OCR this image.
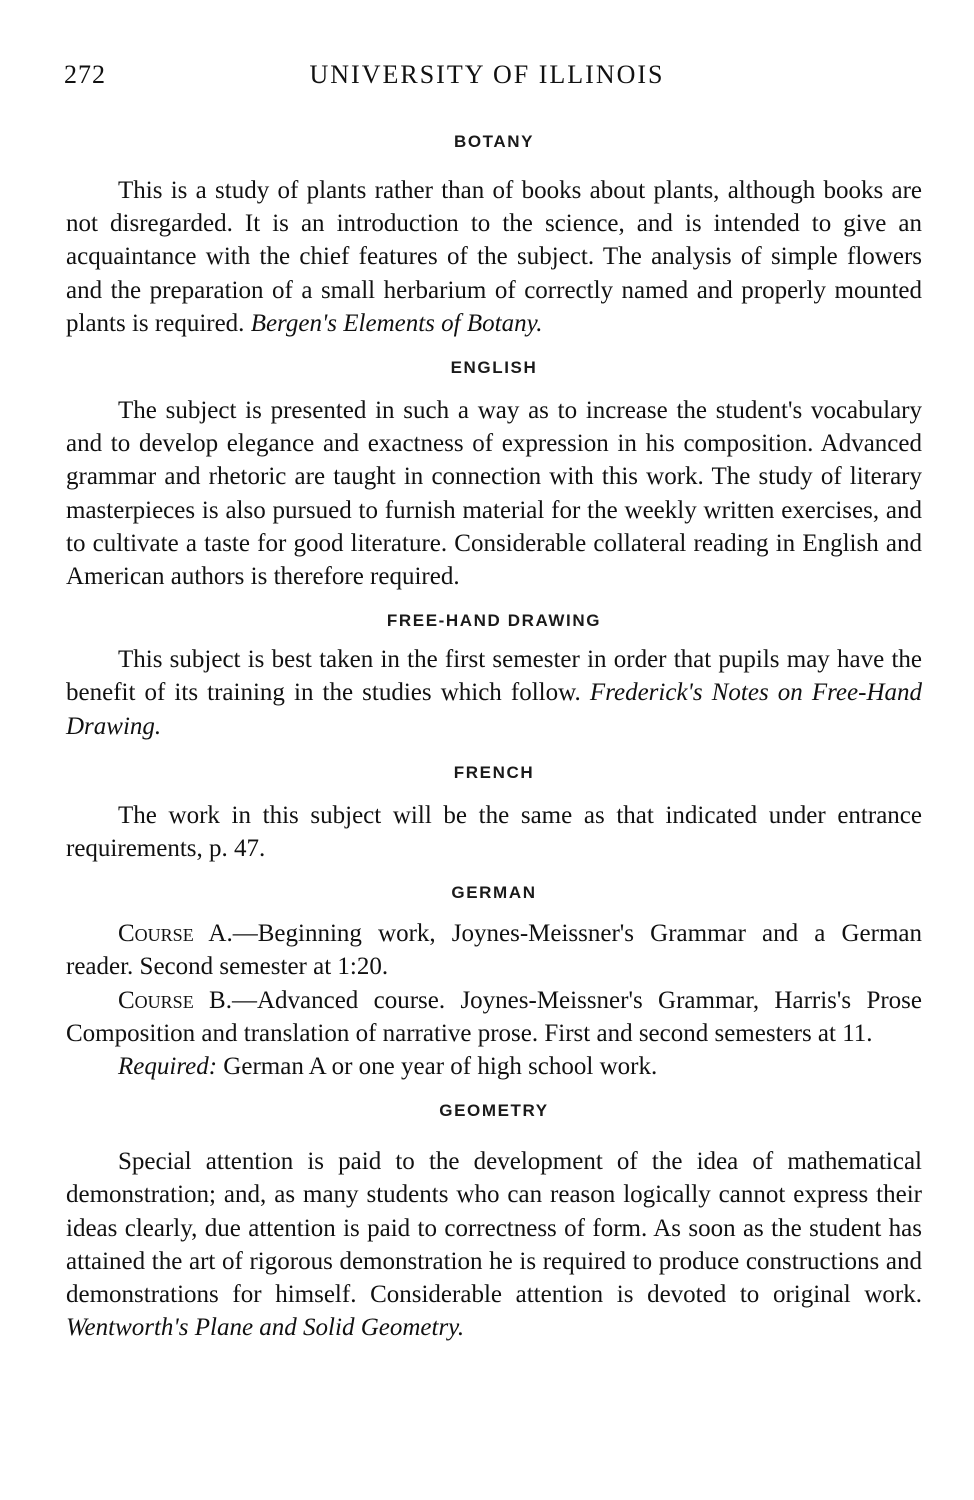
272	UNIVERSITY OF ILLINOIS
BOTANY

This is a study of plants rather than of books about plants, although books are not disregarded. It is an introduction to the science, and is intended to give an acquaintance with the chief features of the subject. The analysis of simple flowers and the preparation of a small herbarium of correctly named and properly mounted plants is required. Bergen's Elements of Botany.

ENGLISH

The subject is presented in such a way as to increase the student's vocabulary and to develop elegance and exactness of expression in his composition. Advanced grammar and rhetoric are taught in connection with this work. The study of literary masterpieces is also pursued to furnish material for the weekly written exercises, and to cultivate a taste for good literature. Considerable collateral reading in English and American authors is therefore required.

FREE-HAND DRAWING

This subject is best taken in the first semester in order that pupils may have the benefit of its training in the studies which follow. Frederick's Notes on Free-Hand Drawing.

FRENCH

The work in this subject will be the same as that indicated under entrance requirements, p. 47.

GERMAN

Course A.—Beginning work, Joynes-Meissner's Grammar and a German reader. Second semester at 1:20.

Course B.—Advanced course. Joynes-Meissner's Grammar, Harris's Prose Composition and translation of narrative prose. First and second semesters at 11.

Required: German A or one year of high school work.

GEOMETRY

Special attention is paid to the development of the idea of mathematical demonstration; and, as many students who can reason logically cannot express their ideas clearly, due attention is paid to correctness of form. As soon as the student has attained the art of rigorous demonstration he is required to produce constructions and demonstrations for himself. Considerable attention is devoted to original work. Wentworth's Plane and Solid Geometry.
